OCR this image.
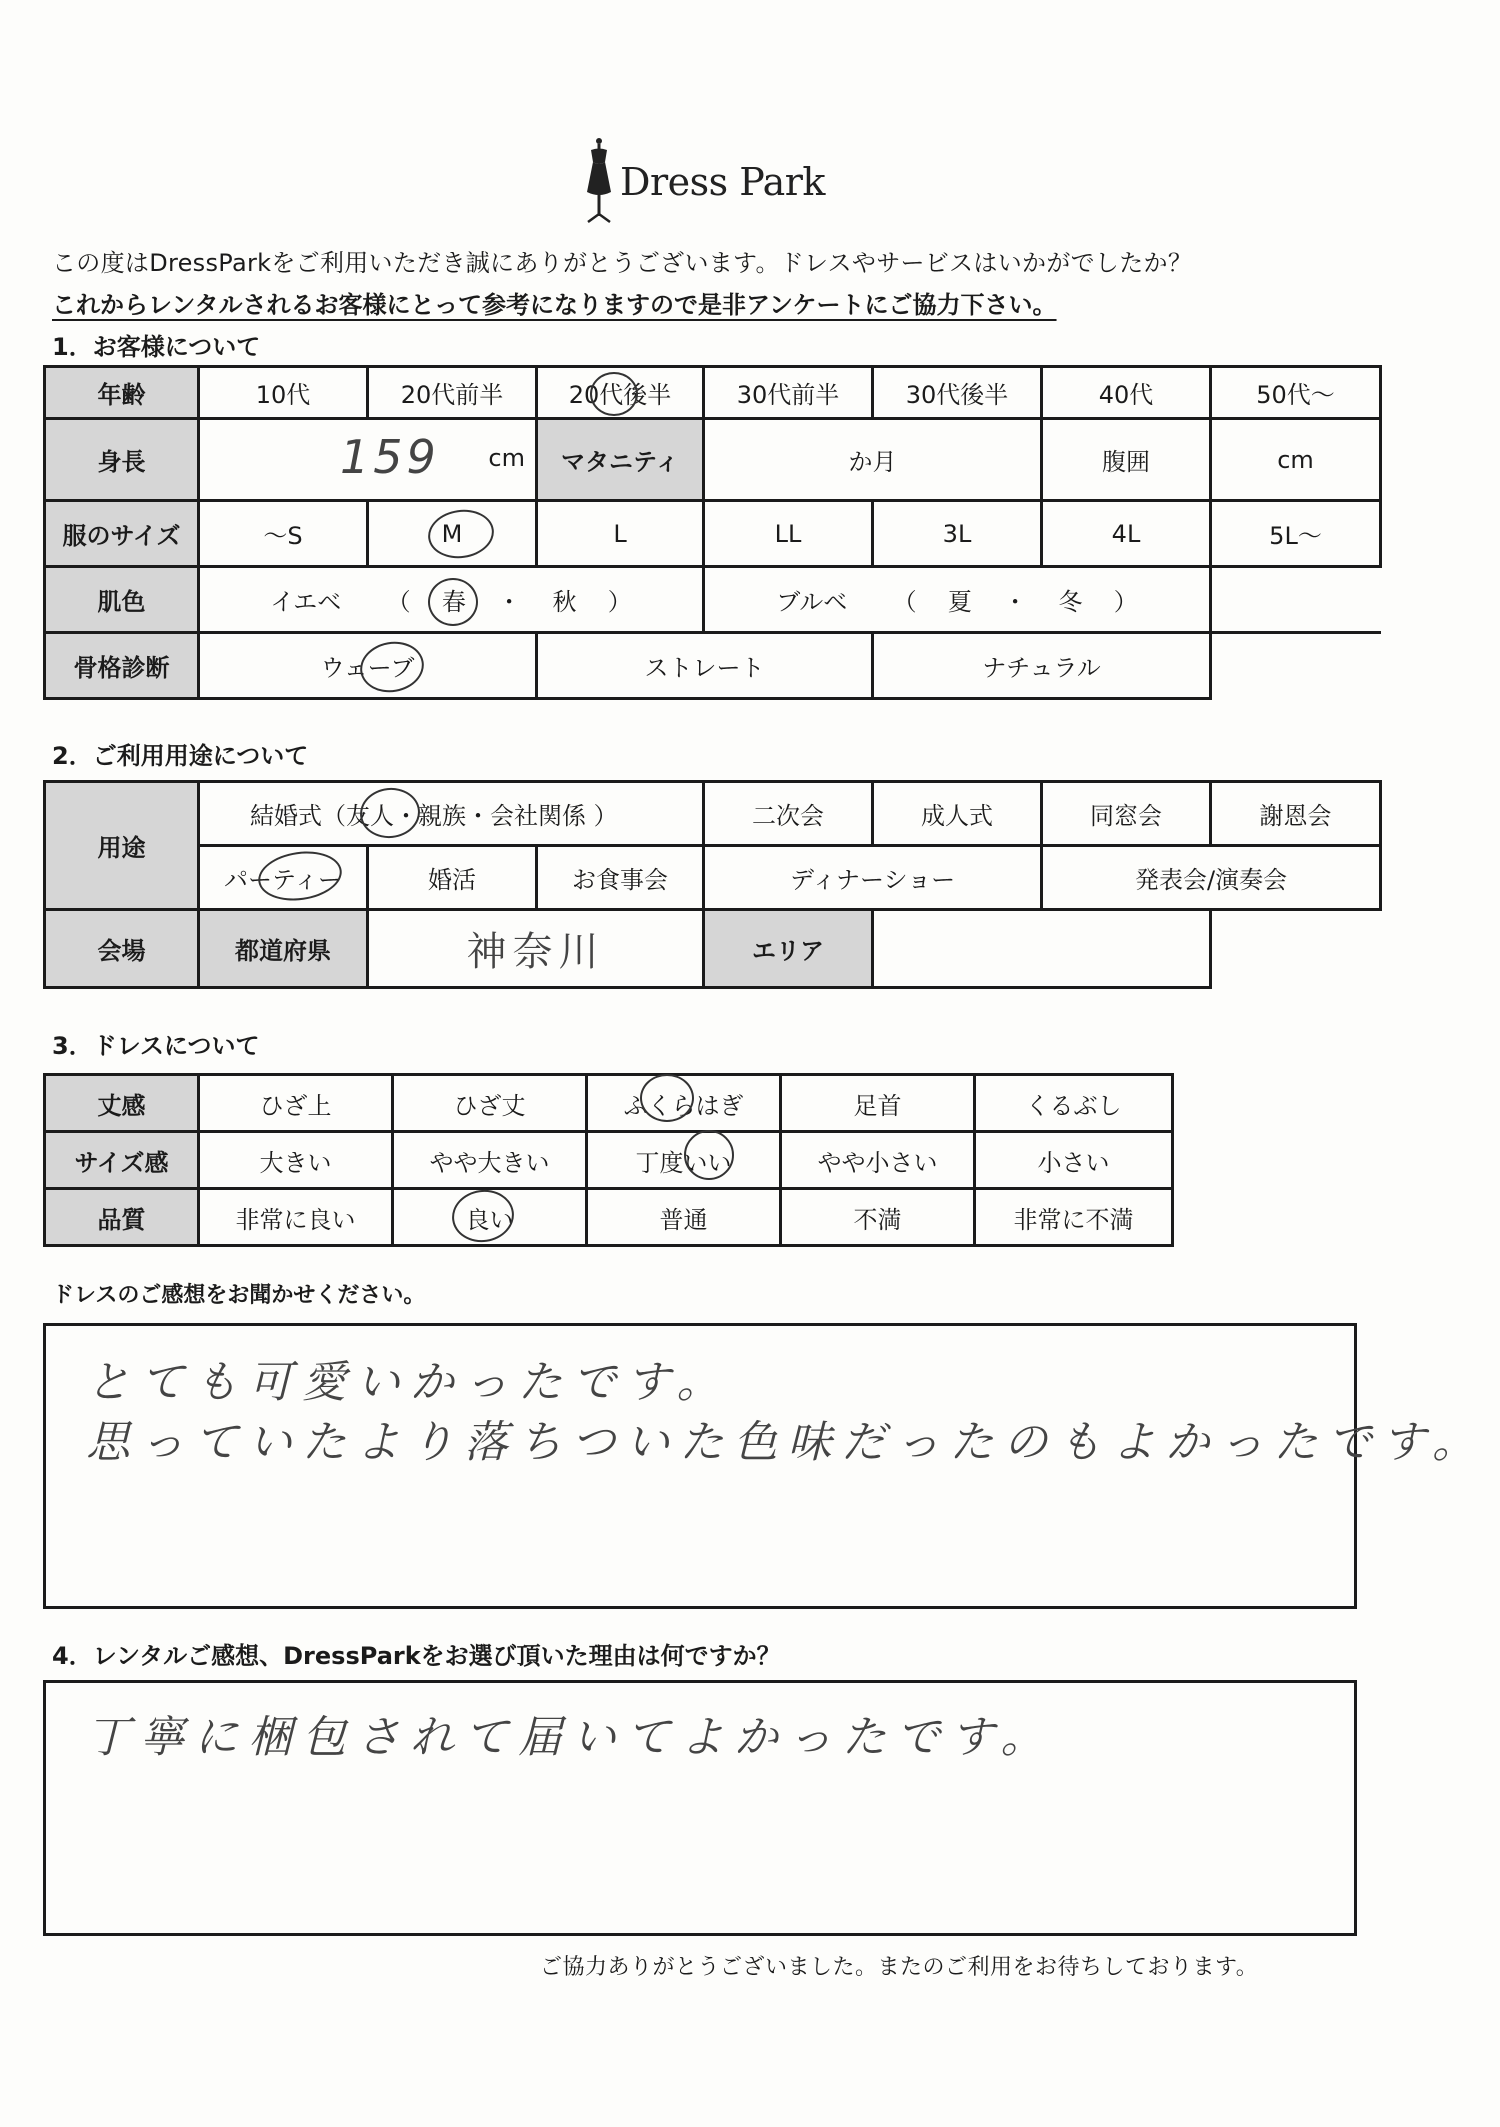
Dress Park
この度はDressParkをご利用いただき誠にありがとうございます。ドレスやサービスはいかがでしたか？
これからレンタルされるお客様にとって参考になりますので是非アンケートにご協力下さい。
1．お客様について
年齢	10代	20代前半	20代後半	30代前半	30代後半	40代	50代～
身長	159 cm		マタニティ	か月		腹囲	cm
服のサイズ	～S	M	L	LL	3L	4L	5L～
肌色	イエベ （ 春 ・ 秋 ）			ブルベ （ 夏 ・ 冬 ）			
骨格診断	ウェーブ		ストレート		ナチュラル		
2．ご利用用途について
用途	結婚式（友人・親族・会社関係 ）			二次会	成人式	同窓会	謝恩会
	パーティー	婚活	お食事会	ディナーショー		発表会/演奏会	
会場	都道府県	神奈川		エリア			
3．ドレスについて
丈感	ひざ上	ひざ丈	ふくらはぎ	足首	くるぶし
サイズ感	大きい	やや大きい	丁度いい	やや小さい	小さい
品質	非常に良い	良い	普通	不満	非常に不満
ドレスのご感想をお聞かせください。
とても可愛いかったです。
思っていたより落ちついた色味だったのもよかったです。
4．レンタルご感想、DressParkをお選び頂いた理由は何ですか？
丁寧に梱包されて届いてよかったです。
ご協力ありがとうございました。またのご利用をお待ちしております。
